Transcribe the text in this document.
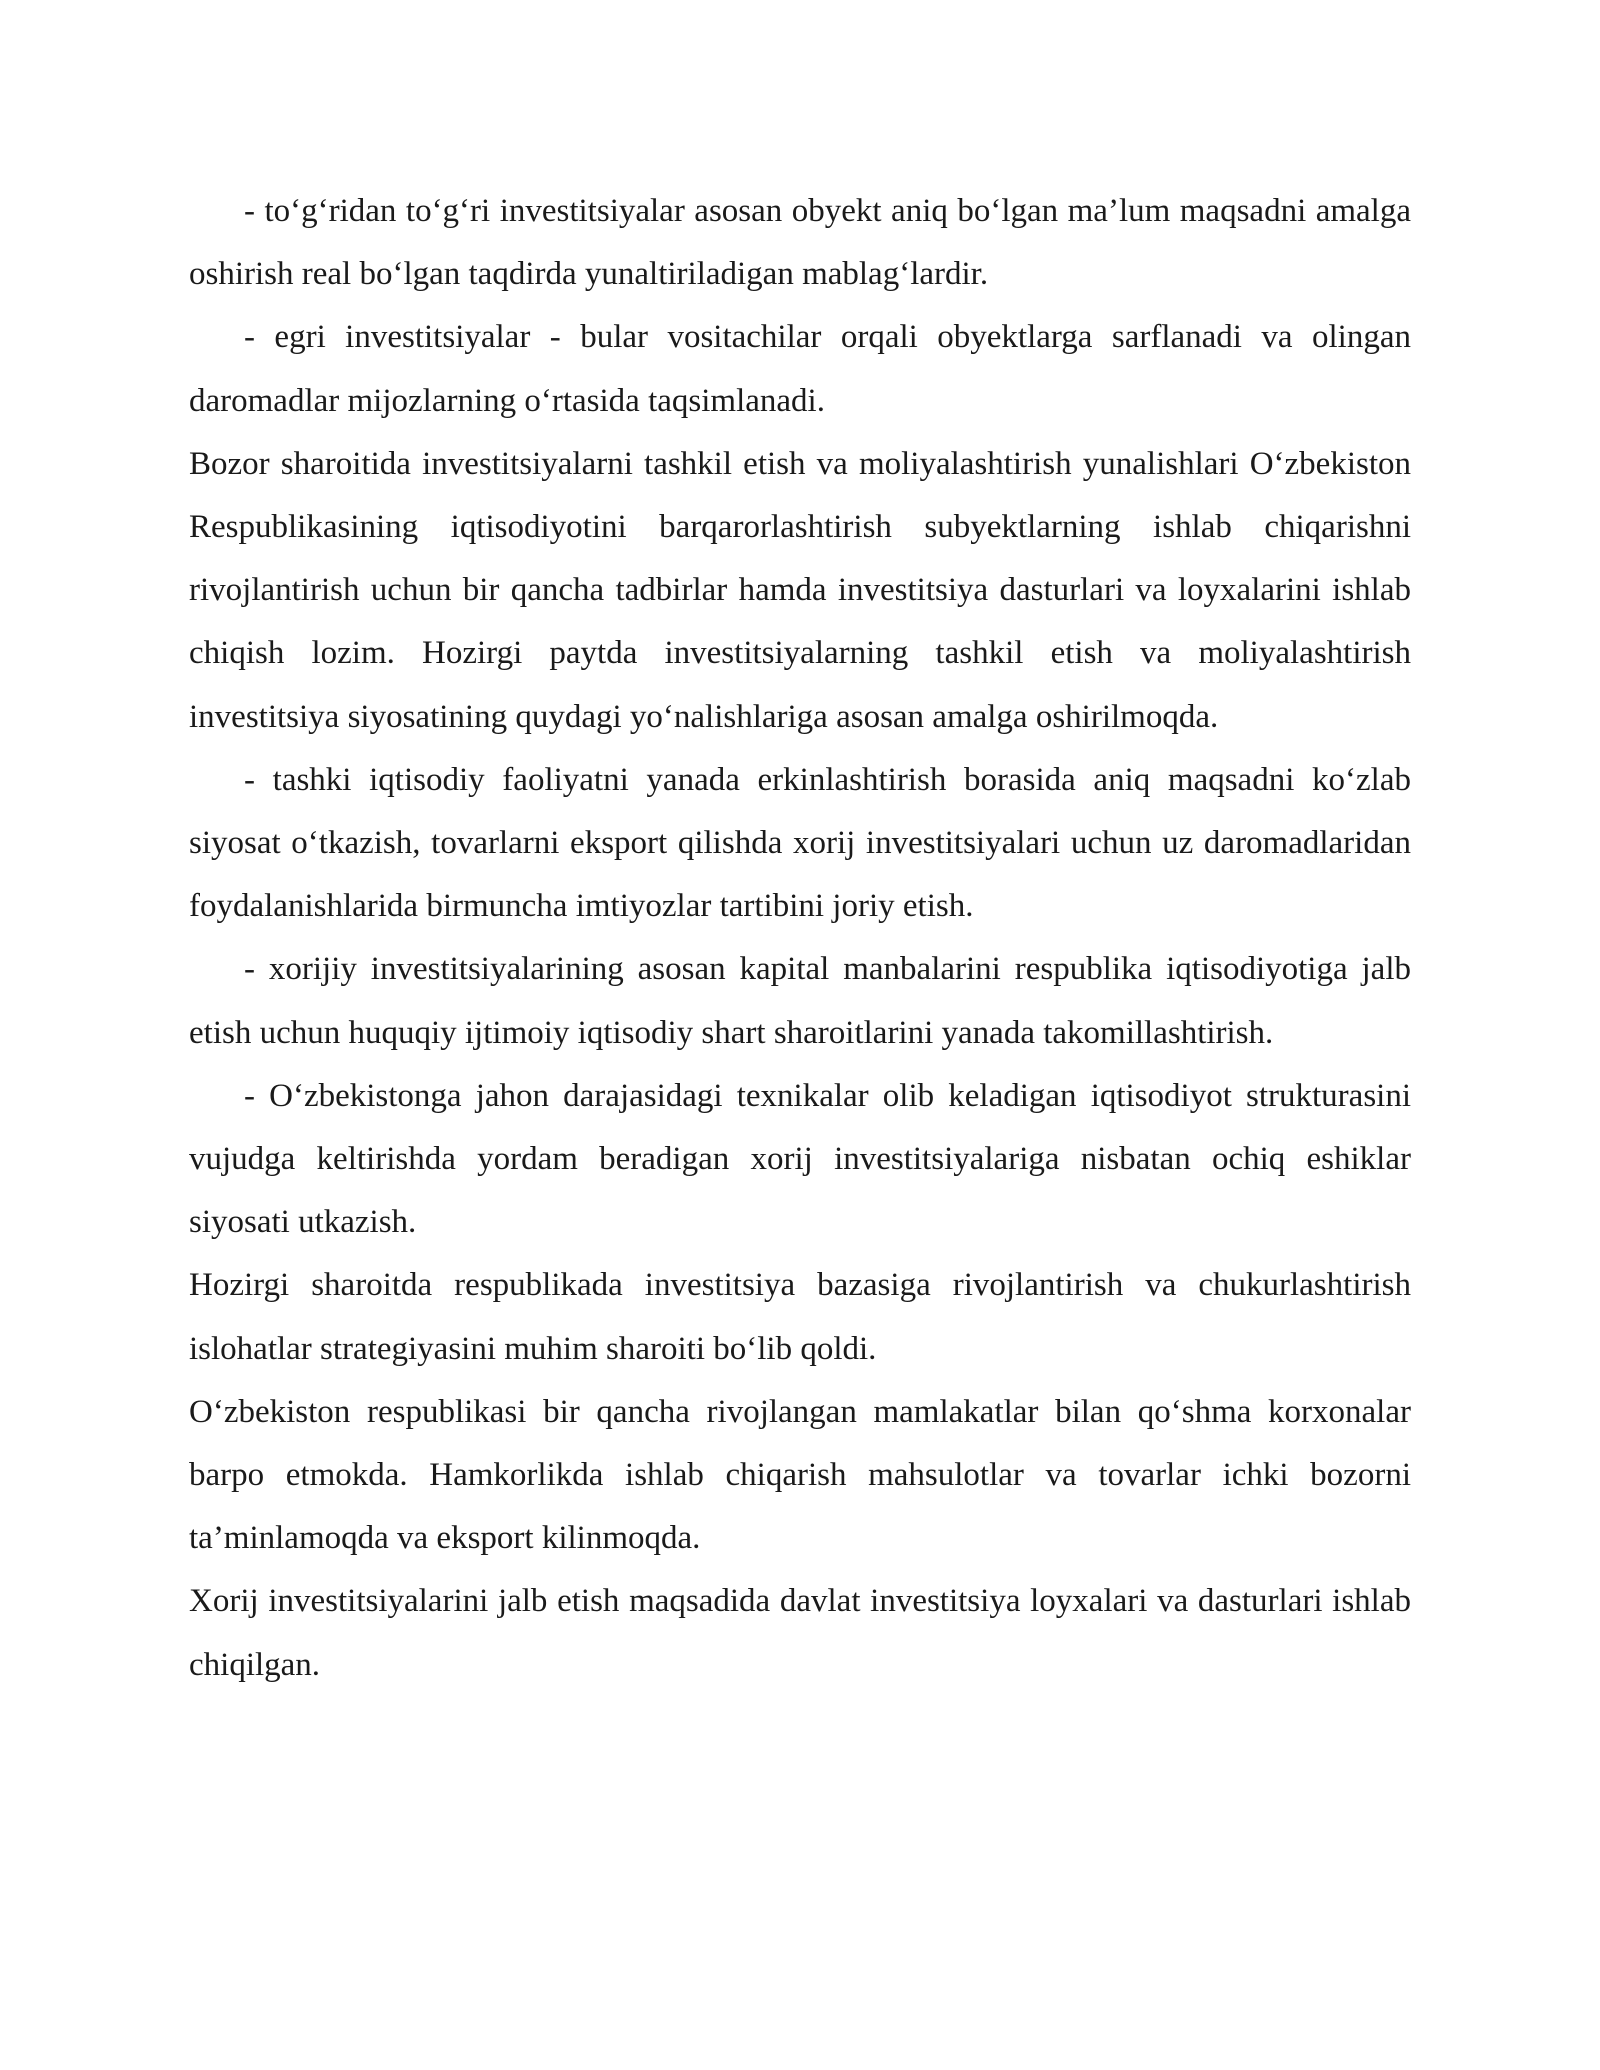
- to‘g‘ridan to‘g‘ri investitsiyalar asosan obyekt aniq bo‘lgan ma’lum maqsadni amalga oshirish real bo‘lgan taqdirda yunaltiriladigan mablag‘lardir.

- egri investitsiyalar - bular vositachilar orqali obyektlarga sarflanadi va olingan daromadlar mijozlarning o‘rtasida taqsimlanadi.

Bozor sharoitida investitsiyalarni tashkil etish va moliyalashtirish yunalishlari O‘zbekiston Respublikasining iqtisodiyotini barqarorlashtirish subyektlarning ishlab chiqarishni rivojlantirish uchun bir qancha tadbirlar hamda investitsiya dasturlari va loyxalarini ishlab chiqish lozim. Hozirgi paytda investitsiyalarning tashkil etish va moliyalashtirish investitsiya siyosatining quydagi yo‘nalishlariga asosan amalga oshirilmoqda.

- tashki iqtisodiy faoliyatni yanada erkinlashtirish borasida aniq maqsadni ko‘zlab siyosat o‘tkazish, tovarlarni eksport qilishda xorij investitsiyalari uchun uz daromadlaridan foydalanishlarida birmuncha imtiyozlar tartibini joriy etish.

- xorijiy investitsiyalarining asosan kapital manbalarini respublika iqtisodiyotiga jalb etish uchun huquqiy ijtimoiy iqtisodiy shart sharoitlarini yanada takomillashtirish.

- O‘zbekistonga jahon darajasidagi texnikalar olib keladigan iqtisodiyot strukturasini vujudga keltirishda yordam beradigan xorij investitsiyalariga nisbatan ochiq eshiklar siyosati utkazish.

Hozirgi sharoitda respublikada investitsiya bazasiga rivojlantirish va chukurlashtirish islohatlar strategiyasini muhim sharoiti bo‘lib qoldi.

O‘zbekiston respublikasi bir qancha rivojlangan mamlakatlar bilan qo‘shma korxonalar barpo etmokda. Hamkorlikda ishlab chiqarish mahsulotlar va tovarlar ichki bozorni ta’minlamoqda va eksport kilinmoqda.

Xorij investitsiyalarini jalb etish maqsadida davlat investitsiya loyxalari va dasturlari ishlab chiqilgan.
